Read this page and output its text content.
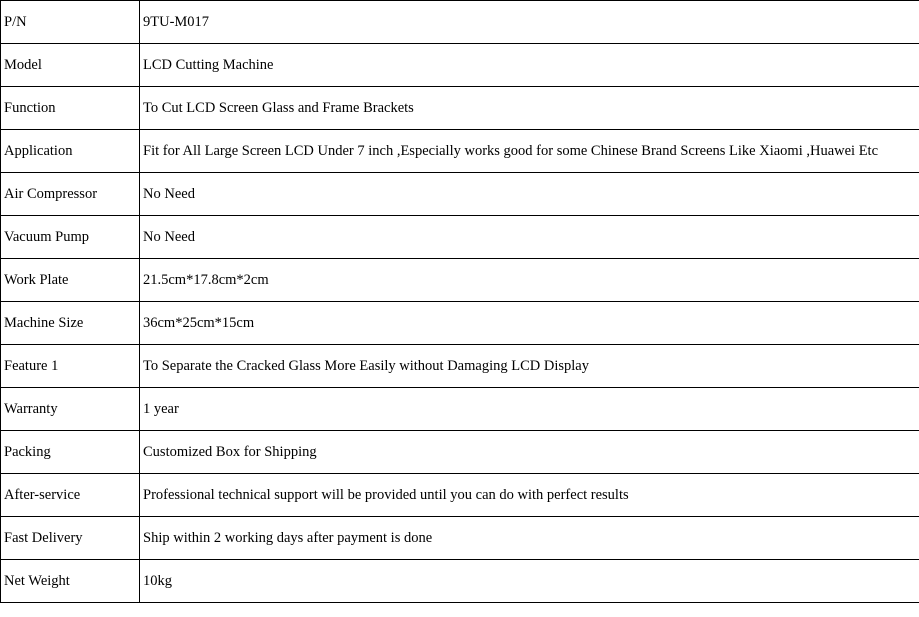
P/N	9TU-M017
Model	LCD Cutting Machine
Function	To Cut LCD Screen Glass and Frame Brackets
Application	Fit for All Large Screen LCD Under 7 inch ,Especially works good for some Chinese Brand Screens Like Xiaomi ,Huawei Etc
Air Compressor	No Need
Vacuum Pump	No Need
Work Plate	21.5cm*17.8cm*2cm
Machine Size	36cm*25cm*15cm
Feature 1	To Separate the Cracked Glass More Easily without Damaging LCD Display
Warranty	1 year
Packing	Customized Box for Shipping
After-service	Professional technical support will be provided until you can do with perfect results
Fast Delivery	Ship within 2 working days after payment is done
Net Weight	10kg
